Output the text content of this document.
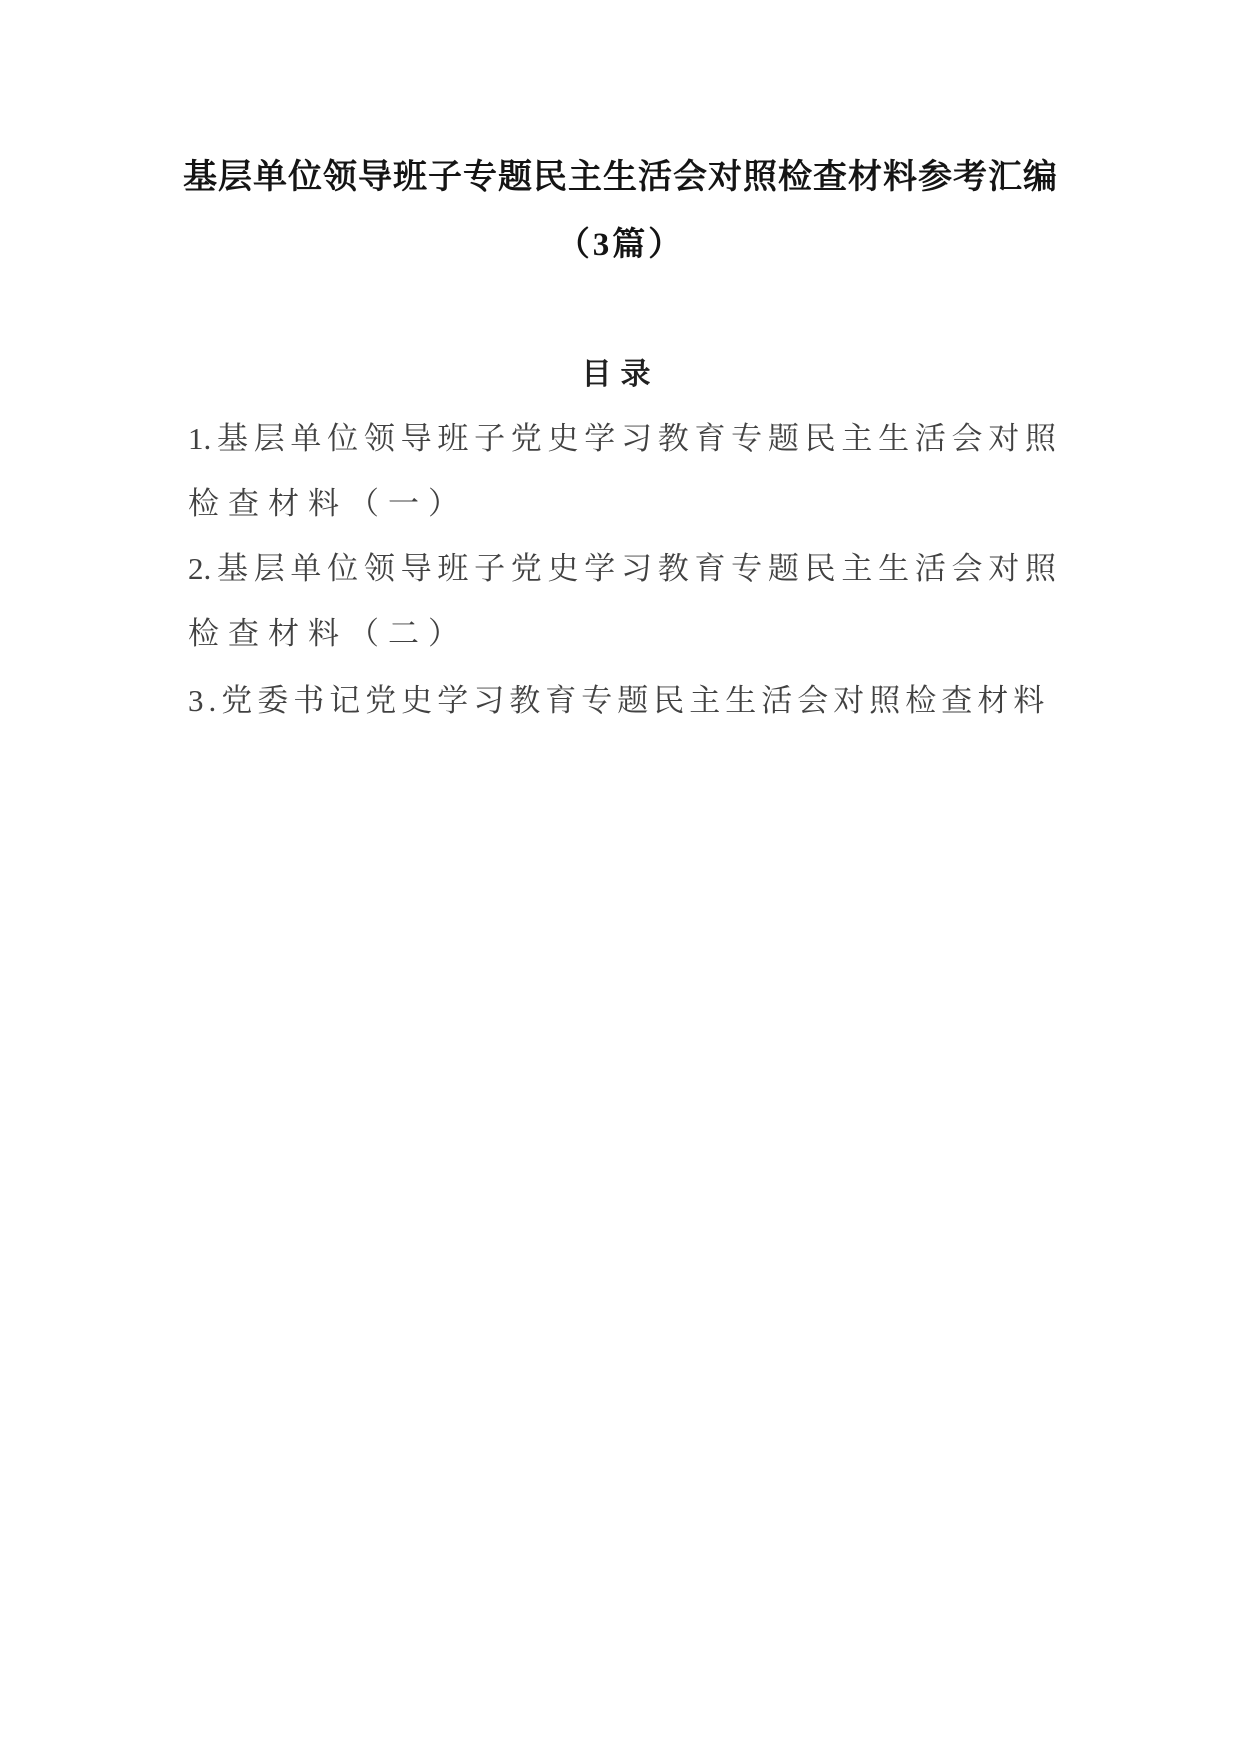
基层单位领导班子专题民主生活会对照检查材料参考汇编
（3篇）
目录
1.基层单位领导班子党史学习教育专题民主生活会对照
检查材料（一）
2.基层单位领导班子党史学习教育专题民主生活会对照
检查材料（二）
3.党委书记党史学习教育专题民主生活会对照检查材料
